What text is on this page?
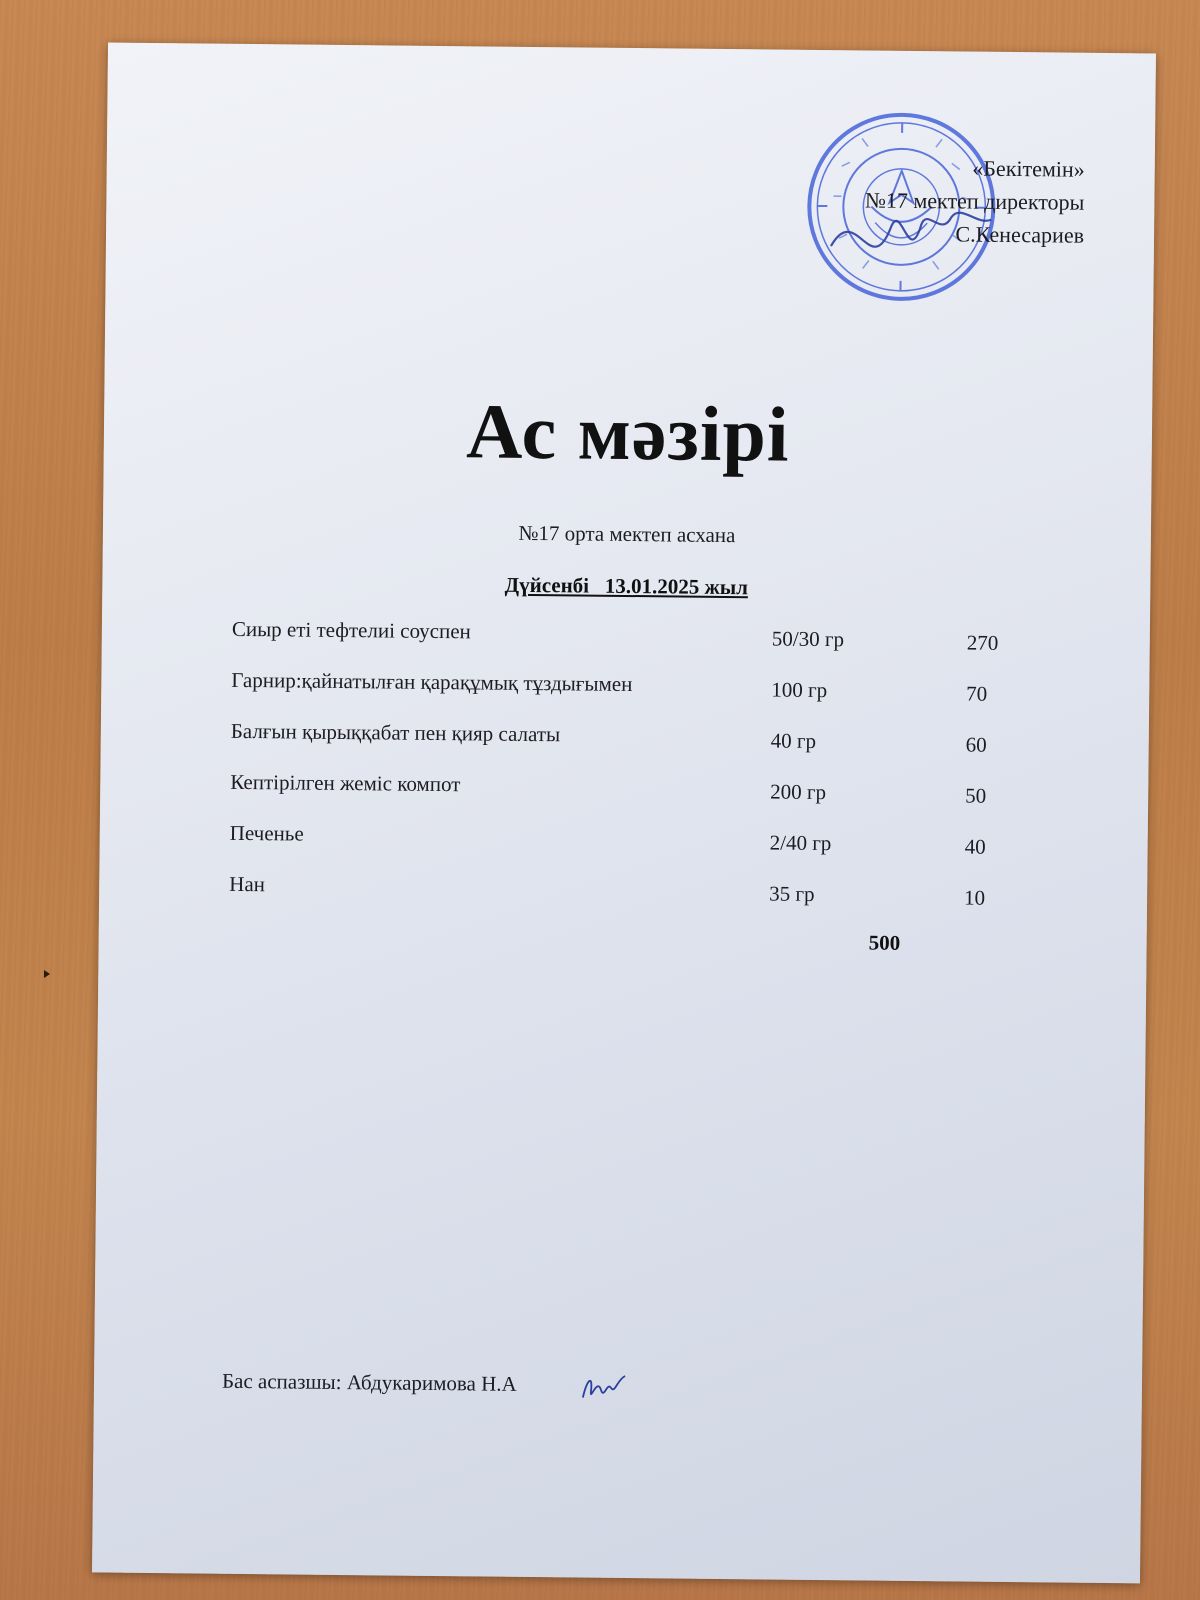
«Бекітемін»
№17 мектеп директоры
С.Кенесариев
Ас мәзірі
№17 орта мектеп асхана
Дүйсенбі   13.01.2025 жыл
Сиыр еті тефтелиі соуспен	50/30 гр	270
Гарнир:қайнатылған қарақұмық тұздығымен	100 гр	70
Балғын қырыққабат пен қияр салаты	40 гр	60
Кептірілген жеміс компот	200 гр	50
Печенье	2/40 гр	40
Нан	35 гр	10
500
Бас аспазшы: Абдукаримова Н.А
